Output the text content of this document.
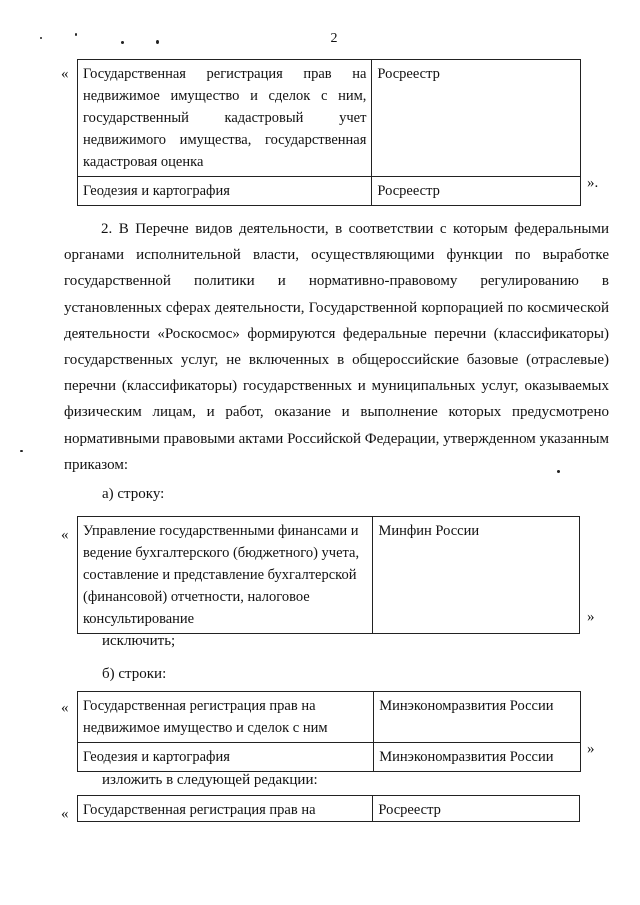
2
« Государственная регистрация прав на недвижимое имущество и сделок с ним, государственный кадастровый учет недвижимого имущества, государственная кадастровая оценка	Росреестр
Геодезия и картография	Росреестр	».
2. В Перечне видов деятельности, в соответствии с которым федеральными органами исполнительной власти, осуществляющими функции по выработке государственной политики и нормативно-правовому регулированию в установленных сферах деятельности, Государственной корпорацией по космической деятельности «Роскосмос» формируются федеральные перечни (классификаторы) государственных услуг, не включенных в общероссийские базовые (отраслевые) перечни (классификаторы) государственных и муниципальных услуг, оказываемых физическим лицам, и работ, оказание и выполнение которых предусмотрено нормативными правовыми актами Российской Федерации, утвержденном указанным приказом:
а) строку:
« Управление государственными финансами и ведение бухгалтерского (бюджетного) учета, составление и представление бухгалтерской (финансовой) отчетности, налоговое консультирование	Минфин России
»
исключить;
б) строки:
« Государственная регистрация прав на недвижимое имущество и сделок с ним	Минэкономразвития России
Геодезия и картография	Минэкономразвития России »
изложить в следующей редакции:
« Государственная регистрация прав на	Росреестр
